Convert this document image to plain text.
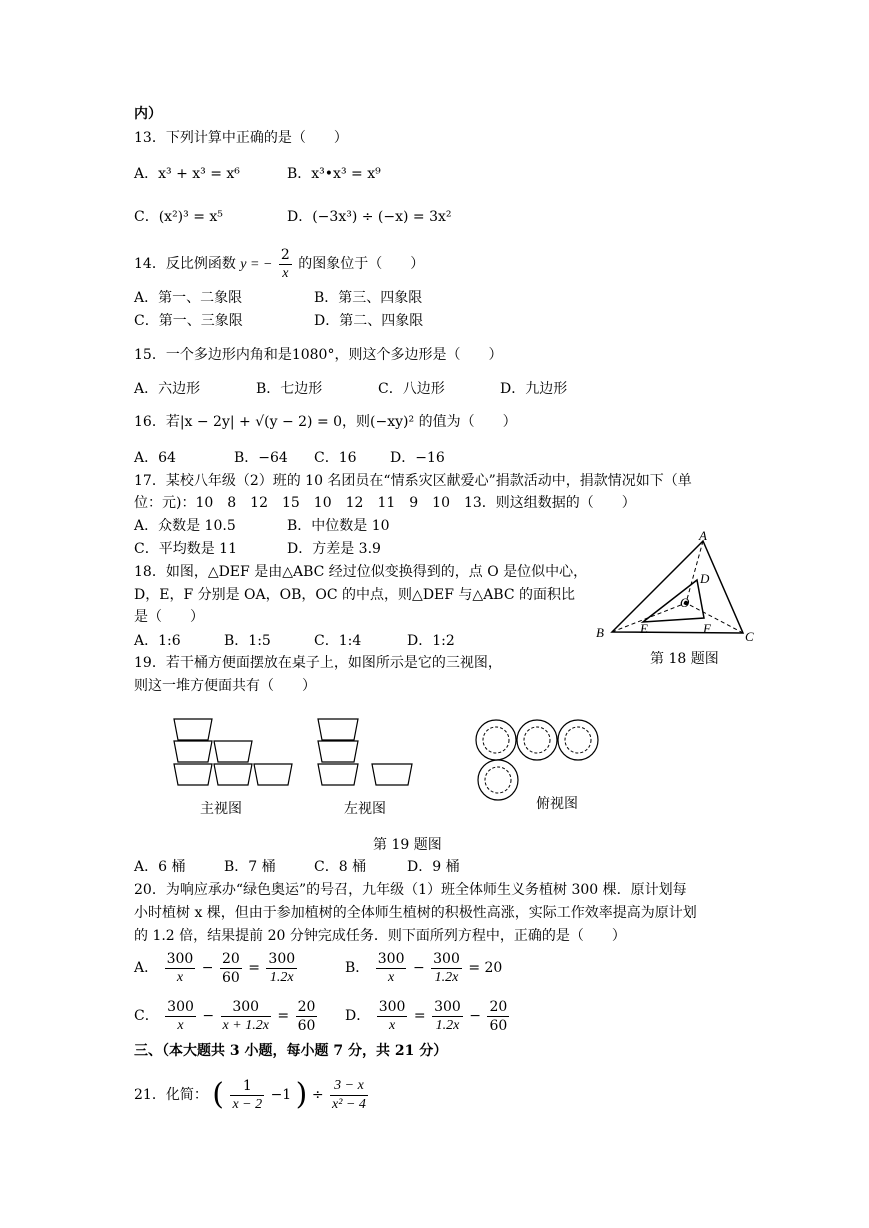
内）
13．下列计算中正确的是（　　）
A．x³ + x³ = x⁶	B．x³•x³ = x⁹
C．(x²)³ = x⁵	D．(−3x³) ÷ (−x) = 3x²
14．反比例函数 y = − $\frac{2}{x}$ 的图象位于（　　）
A．第一、二象限	B．第三、四象限
C．第一、三象限	D．第二、四象限
15．一个多边形内角和是1080°，则这个多边形是（　　）
A．六边形	B．七边形	C．八边形	D．九边形
16．若|x − 2y| + √(y − 2) = 0，则(−xy)² 的值为（　　）
A．64	B．−64 C．16 D．−16
17．某校八年级（2）班的 10 名团员在“情系灾区献爱心”捐款活动中，捐款情况如下（单
位：元)：10　8　12　15　10　12　11　9　10　13．则这组数据的（　　）
A．众数是 10.5	B．中位数是 10
C．平均数是 11	D．方差是 3.9
18．如图，△DEF 是由△ABC 经过位似变换得到的，点 O 是位似中心，
D，E，F 分别是 OA，OB，OC 的中点，则△DEF 与△ABC 的面积比
是（　　）
A．1:6	B．1:5	C．1:4	D．1:2
A
B	C
D
E	F
O
第 18 题图
19．若干桶方便面摆放在桌子上，如图所示是它的三视图，
则这一堆方便面共有（　　）
主视图	左视图	俯视图
第 19 题图
A．6 桶	B．7 桶	C．8 桶	D．9 桶
20．为响应承办“绿色奥运”的号召，九年级（1）班全体师生义务植树 300 棵．原计划每
小时植树 x 棵，但由于参加植树的全体师生植树的积极性高涨，实际工作效率提高为原计划
的 1.2 倍，结果提前 20 分钟完成任务．则下面所列方程中，正确的是（　　）
A． $\frac{300}{x} - \frac{20}{60} = \frac{300}{1.2x}$	B． $\frac{300}{x} - \frac{300}{1.2x} = 20$
C． $\frac{300}{x} - \frac{300}{x + 1.2x} = \frac{20}{60}$ D． $\frac{300}{x} = \frac{300}{1.2x} - \frac{20}{60}$
三、（本大题共 3 小题，每小题 7 分，共 21 分）
21．化简： ( $\frac{1}{x - 2} -1$ ) ÷ $\frac{3 - x}{\text{x² − 4}}$
